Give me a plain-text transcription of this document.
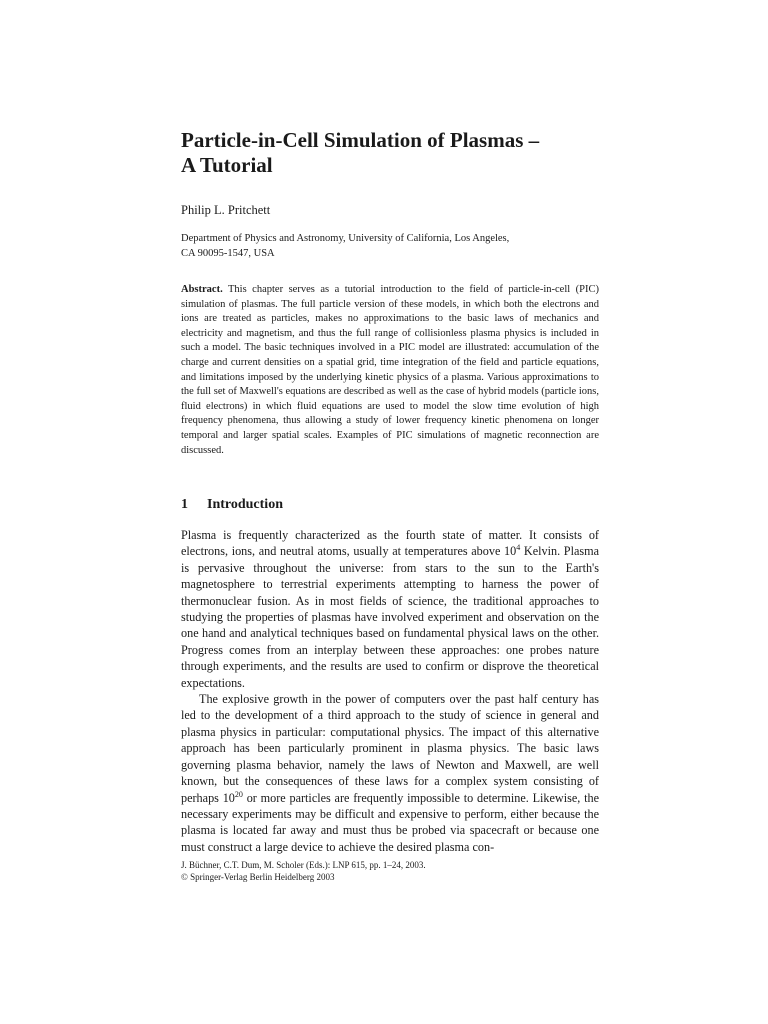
Particle-in-Cell Simulation of Plasmas –
A Tutorial

Philip L. Pritchett

Department of Physics and Astronomy, University of California, Los Angeles,
CA 90095-1547, USA

Abstract. This chapter serves as a tutorial introduction to the field of particle-in-cell (PIC) simulation of plasmas. The full particle version of these models, in which both the electrons and ions are treated as particles, makes no approximations to the basic laws of mechanics and electricity and magnetism, and thus the full range of collisionless plasma physics is included in such a model. The basic techniques involved in a PIC model are illustrated: accumulation of the charge and current densities on a spatial grid, time integration of the field and particle equations, and limitations imposed by the underlying kinetic physics of a plasma. Various approximations to the full set of Maxwell's equations are described as well as the case of hybrid models (particle ions, fluid electrons) in which fluid equations are used to model the slow time evolution of high frequency phenomena, thus allowing a study of lower frequency kinetic phenomena on longer temporal and larger spatial scales. Examples of PIC simulations of magnetic reconnection are discussed.

1 Introduction

Plasma is frequently characterized as the fourth state of matter. It consists of electrons, ions, and neutral atoms, usually at temperatures above $10^4$ Kelvin. Plasma is pervasive throughout the universe: from stars to the sun to the Earth's magnetosphere to terrestrial experiments attempting to harness the power of thermonuclear fusion. As in most fields of science, the traditional approaches to studying the properties of plasmas have involved experiment and observation on the one hand and analytical techniques based on fundamental physical laws on the other. Progress comes from an interplay between these approaches: one probes nature through experiments, and the results are used to confirm or disprove the theoretical expectations.

The explosive growth in the power of computers over the past half century has led to the development of a third approach to the study of science in general and plasma physics in particular: computational physics. The impact of this alternative approach has been particularly prominent in plasma physics. The basic laws governing plasma behavior, namely the laws of Newton and Maxwell, are well known, but the consequences of these laws for a complex system consisting of perhaps $10^{20}$ or more particles are frequently impossible to determine. Likewise, the necessary experiments may be difficult and expensive to perform, either because the plasma is located far away and must thus be probed via spacecraft or because one must construct a large device to achieve the desired plasma con-

J. Büchner, C.T. Dum, M. Scholer (Eds.): LNP 615, pp. 1–24, 2003.
© Springer-Verlag Berlin Heidelberg 2003
